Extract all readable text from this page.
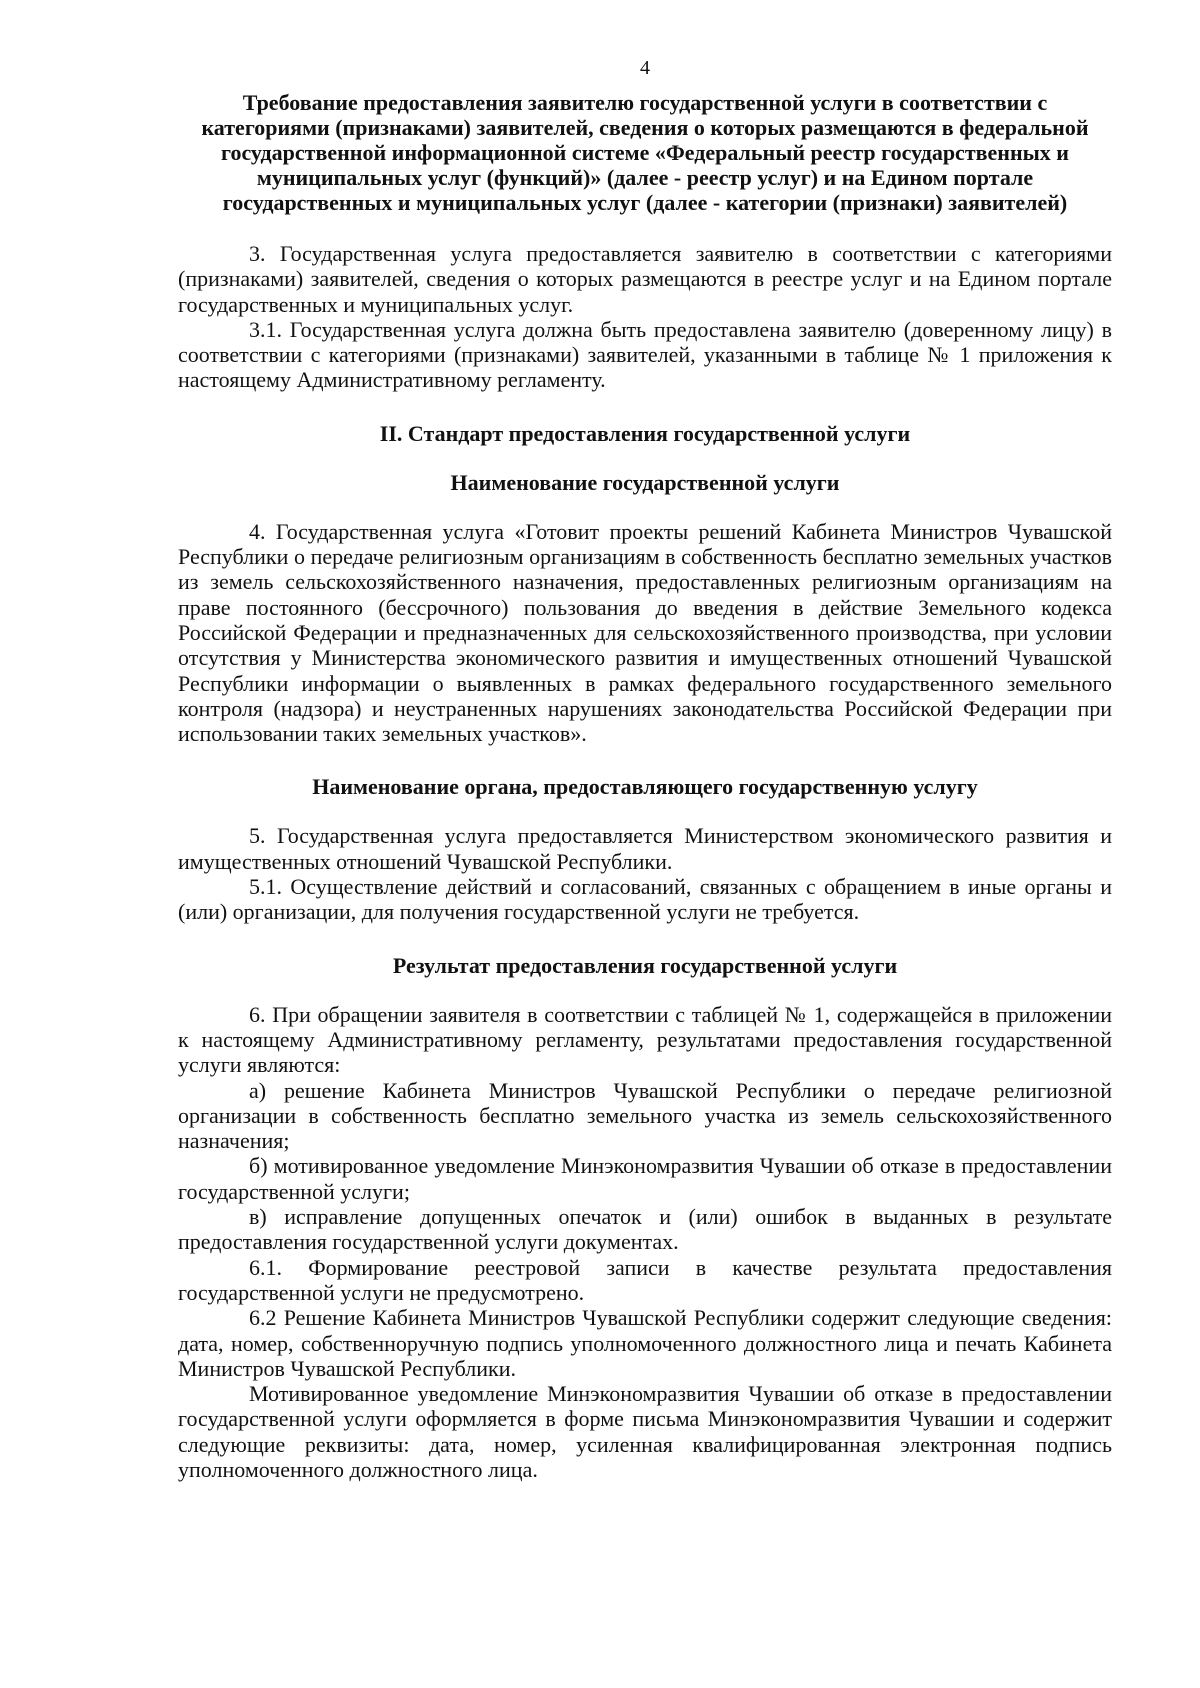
4
Требование предоставления заявителю государственной услуги в соответствии с категориями (признаками) заявителей, сведения о которых размещаются в федеральной государственной информационной системе «Федеральный реестр государственных и муниципальных услуг (функций)» (далее - реестр услуг) и на Едином портале государственных и муниципальных услуг (далее - категории (признаки) заявителей)

3. Государственная услуга предоставляется заявителю в соответствии с категориями (признаками) заявителей, сведения о которых размещаются в реестре услуг и на Едином портале государственных и муниципальных услуг.

3.1. Государственная услуга должна быть предоставлена заявителю (доверенному лицу) в соответствии с категориями (признаками) заявителей, указанными в таблице № 1 приложения к настоящему Административному регламенту.

II. Стандарт предоставления государственной услуги
Наименование государственной услуги

4. Государственная услуга «Готовит проекты решений Кабинета Министров Чувашской Республики о передаче религиозным организациям в собственность бесплатно земельных участков из земель сельскохозяйственного назначения, предоставленных религиозным организациям на праве постоянного (бессрочного) пользования до введения в действие Земельного кодекса Российской Федерации и предназначенных для сельскохозяйственного производства, при условии отсутствия у Министерства экономического развития и имущественных отношений Чувашской Республики информации о выявленных в рамках федерального государственного земельного контроля (надзора) и неустраненных нарушениях законодательства Российской Федерации при использовании таких земельных участков».

Наименование органа, предоставляющего государственную услугу

5. Государственная услуга предоставляется Министерством экономического развития и имущественных отношений Чувашской Республики.

5.1. Осуществление действий и согласований, связанных с обращением в иные органы и (или) организации, для получения государственной услуги не требуется.

Результат предоставления государственной услуги

6. При обращении заявителя в соответствии с таблицей № 1, содержащейся в приложении к настоящему Административному регламенту, результатами предоставления государственной услуги являются:

а) решение Кабинета Министров Чувашской Республики о передаче религиозной организации в собственность бесплатно земельного участка из земель сельскохозяйственного назначения;

б) мотивированное уведомление Минэкономразвития Чувашии об отказе в предоставлении государственной услуги;

в) исправление допущенных опечаток и (или) ошибок в выданных в результате предоставления государственной услуги документах.

6.1. Формирование реестровой записи в качестве результата предоставления государственной услуги не предусмотрено.

6.2 Решение Кабинета Министров Чувашской Республики содержит следующие сведения: дата, номер, собственноручную подпись уполномоченного должностного лица и печать Кабинета Министров Чувашской Республики.

Мотивированное уведомление Минэкономразвития Чувашии об отказе в предоставлении государственной услуги оформляется в форме письма Минэкономразвития Чувашии и содержит следующие реквизиты: дата, номер, усиленная квалифицированная электронная подпись уполномоченного должностного лица.
